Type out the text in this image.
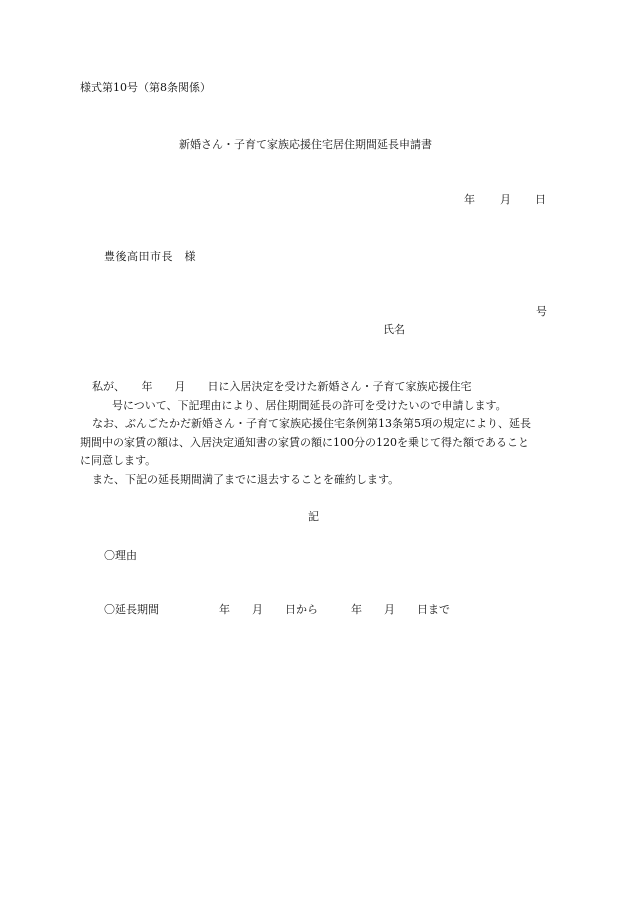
様式第10号（第8条関係）
新婚さん・子育て家族応援住宅居住期間延長申請書
年 月 日
豊後高田市長　様
号
氏名
私が、　　年　　月　　日に入居決定を受けた新婚さん・子育て家族応援住宅
　　号について、下記理由により、居住期間延長の許可を受けたいので申請します。
なお、ぶんごたかだ新婚さん・子育て家族応援住宅条例第13条第5項の規定により、延長
期間中の家賃の額は、入居決定通知書の家賃の額に100分の120を乗じて得た額であること
に同意します。
また、下記の延長期間満了までに退去することを確約します。
記
〇理由
〇延長期間	年　　月　　日から　　　年　　月　　日まで
